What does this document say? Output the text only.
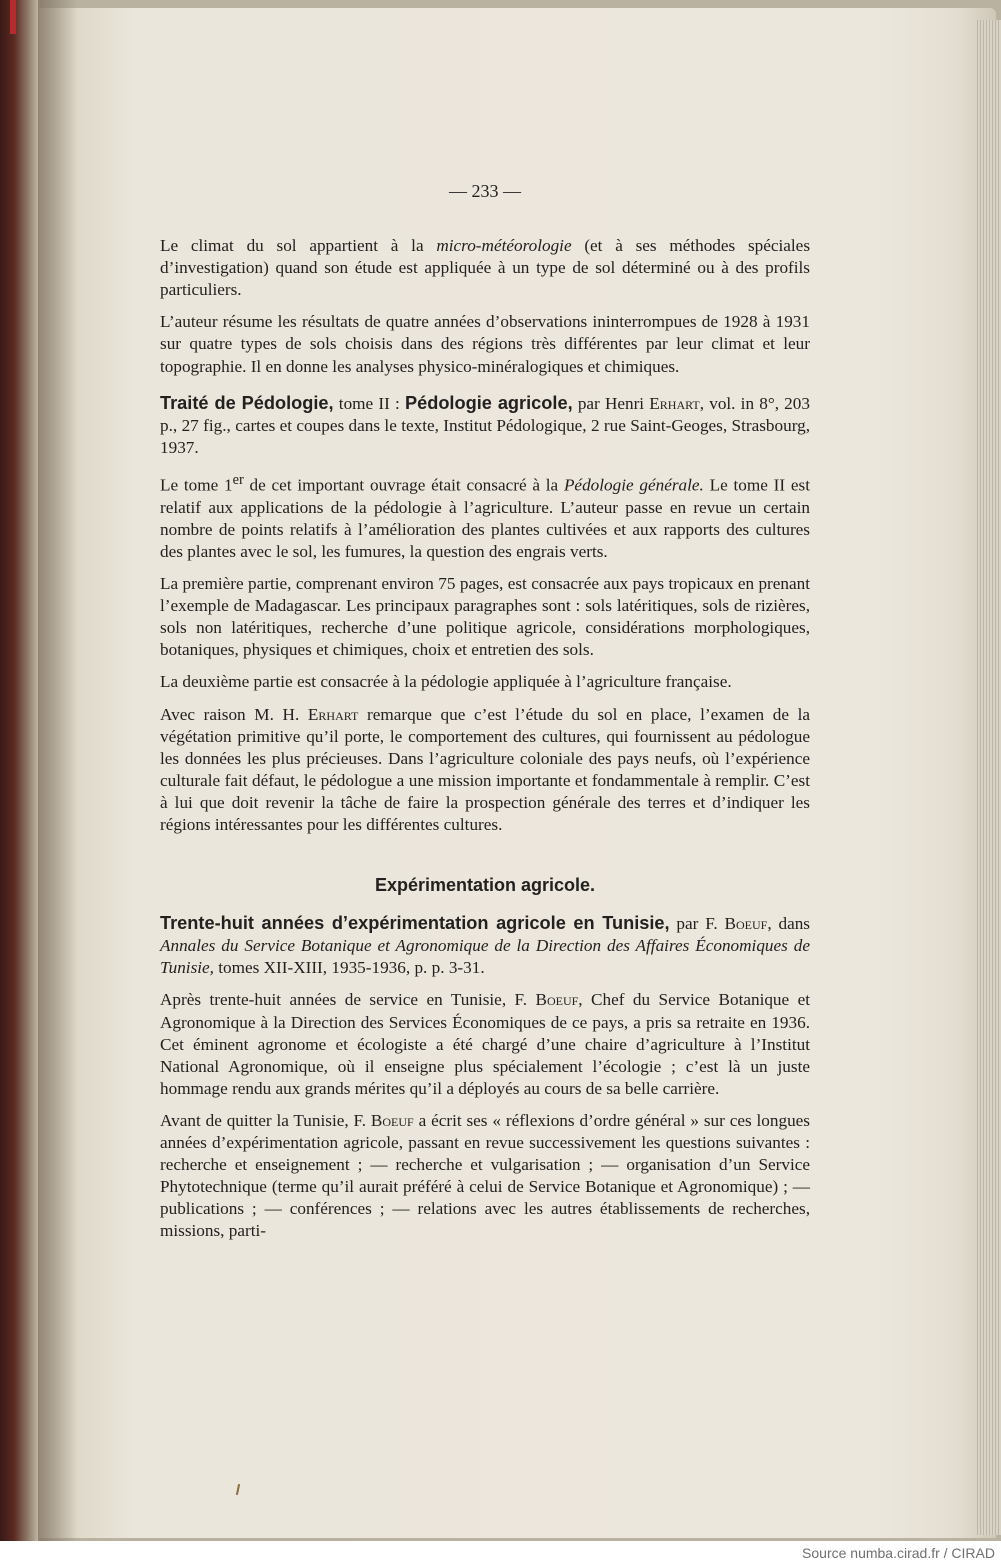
— 233 —

Le climat du sol appartient à la micro-météorologie (et à ses méthodes spéciales d’investigation) quand son étude est appliquée à un type de sol déterminé ou à des profils particuliers.

L’auteur résume les résultats de quatre années d’observations ininterrompues de 1928 à 1931 sur quatre types de sols choisis dans des régions très différentes par leur climat et leur topographie. Il en donne les analyses physico-minéralogiques et chimiques.

Traité de Pédologie, tome II : Pédologie agricole, par Henri Erhart, vol. in 8°, 203 p., 27 fig., cartes et coupes dans le texte, Institut Pédologique, 2 rue Saint-Geoges, Strasbourg, 1937.

Le tome 1er de cet important ouvrage était consacré à la Pédologie générale. Le tome II est relatif aux applications de la pédologie à l’agriculture. L’auteur passe en revue un certain nombre de points relatifs à l’amélioration des plantes cultivées et aux rapports des cultures des plantes avec le sol, les fumures, la question des engrais verts.

La première partie, comprenant environ 75 pages, est consacrée aux pays tropicaux en prenant l’exemple de Madagascar. Les principaux paragraphes sont : sols latéritiques, sols de rizières, sols non latéritiques, recherche d’une politique agricole, considérations morphologiques, botaniques, physiques et chimiques, choix et entretien des sols.

La deuxième partie est consacrée à la pédologie appliquée à l’agriculture française.

Avec raison M. H. Erhart remarque que c’est l’étude du sol en place, l’examen de la végétation primitive qu’il porte, le comportement des cultures, qui fournissent au pédologue les données les plus précieuses. Dans l’agriculture coloniale des pays neufs, où l’expérience culturale fait défaut, le pédologue a une mission importante et fondammentale à remplir. C’est à lui que doit revenir la tâche de faire la prospection générale des terres et d’indiquer les régions intéressantes pour les différentes cultures.

Expérimentation agricole.

Trente-huit années d’expérimentation agricole en Tunisie, par F. Boeuf, dans Annales du Service Botanique et Agronomique de la Direction des Affaires Économiques de Tunisie, tomes XII-XIII, 1935-1936, p. p. 3-31.

Après trente-huit années de service en Tunisie, F. Boeuf, Chef du Service Botanique et Agronomique à la Direction des Services Économiques de ce pays, a pris sa retraite en 1936. Cet éminent agronome et écologiste a été chargé d’une chaire d’agriculture à l’Institut National Agronomique, où il enseigne plus spécialement l’écologie ; c’est là un juste hommage rendu aux grands mérites qu’il a déployés au cours de sa belle carrière.

Avant de quitter la Tunisie, F. Boeuf a écrit ses « réflexions d’ordre général » sur ces longues années d’expérimentation agricole, passant en revue successivement les questions suivantes : recherche et enseignement ; — recherche et vulgarisation ; — organisation d’un Service Phytotechnique (terme qu’il aurait préféré à celui de Service Botanique et Agronomique) ; — publications ; — conférences ; — relations avec les autres établissements de recherches, missions, parti-

Source numba.cirad.fr / CIRAD
